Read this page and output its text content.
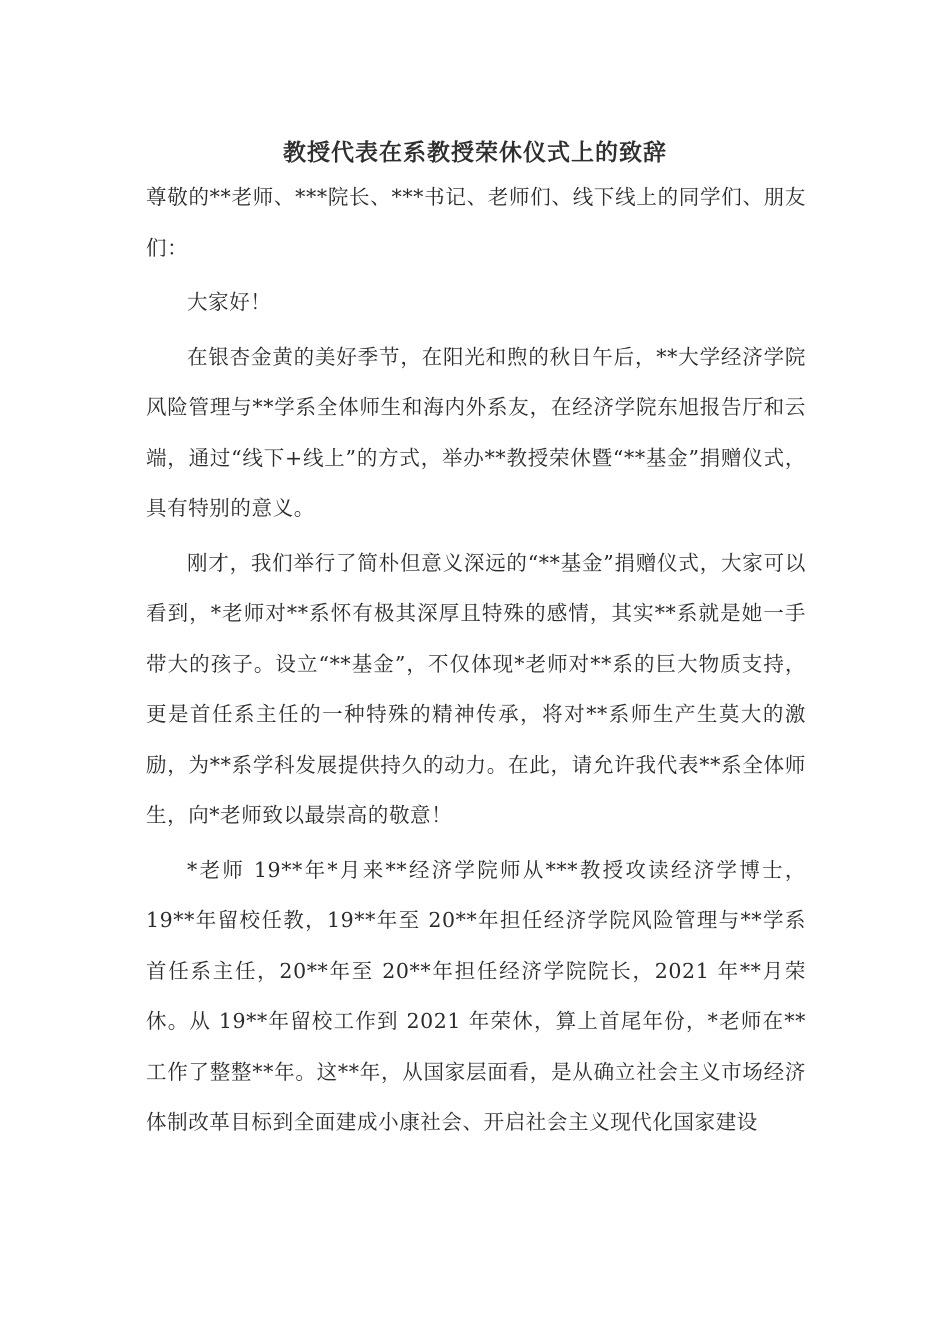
教授代表在系教授荣休仪式上的致辞

尊敬的**老师、***院长、***书记、老师们、线下线上的同学们、朋友们：

大家好！

在银杏金黄的美好季节，在阳光和煦的秋日午后，**大学经济学院风险管理与**学系全体师生和海内外系友，在经济学院东旭报告厅和云端，通过“线下+线上”的方式，举办**教授荣休暨“**基金”捐赠仪式，具有特别的意义。

刚才，我们举行了简朴但意义深远的“**基金”捐赠仪式，大家可以看到，*老师对**系怀有极其深厚且特殊的感情，其实**系就是她一手带大的孩子。设立“**基金”，不仅体现*老师对**系的巨大物质支持，更是首任系主任的一种特殊的精神传承，将对**系师生产生莫大的激励，为**系学科发展提供持久的动力。在此，请允许我代表**系全体师生，向*老师致以最崇高的敬意！

*老师 19**年*月来**经济学院师从***教授攻读经济学博士，19**年留校任教，19**年至 20**年担任经济学院风险管理与**学系首任系主任，20**年至 20**年担任经济学院院长，2021 年**月荣休。从 19**年留校工作到 2021 年荣休，算上首尾年份，*老师在**工作了整整**年。这**年，从国家层面看，是从确立社会主义市场经济体制改革目标到全面建成小康社会、开启社会主义现代化国家建设
